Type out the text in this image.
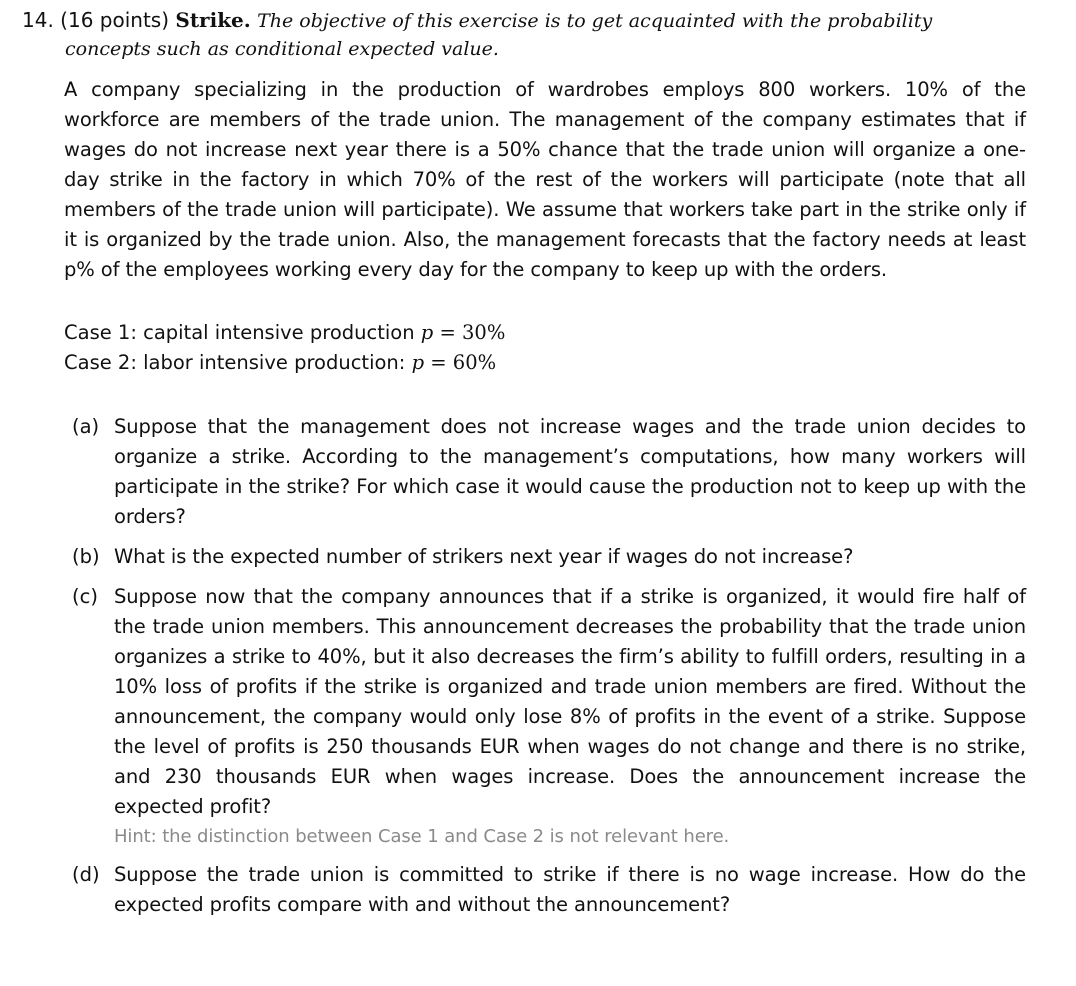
14. (16 points) Strike. The objective of this exercise is to get acquainted with the probability
concepts such as conditional expected value.
A company specializing in the production of wardrobes employs 800 workers. 10% of the workforce are members of the trade union. The management of the company estimates that if wages do not increase next year there is a 50% chance that the trade union will organize a one-day strike in the factory in which 70% of the rest of the workers will participate (note that all members of the trade union will participate). We assume that workers take part in the strike only if it is organized by the trade union. Also, the management forecasts that the factory needs at least p% of the employees working every day for the company to keep up with the orders.
Case 1: capital intensive production p = 30%
Case 2: labor intensive production: p = 60%
(a) Suppose that the management does not increase wages and the trade union decides to organize a strike. According to the management’s computations, how many workers will participate in the strike? For which case it would cause the production not to keep up with the orders?
(b) What is the expected number of strikers next year if wages do not increase?
(c) Suppose now that the company announces that if a strike is organized, it would fire half of the trade union members. This announcement decreases the probability that the trade union organizes a strike to 40%, but it also decreases the firm’s ability to fulfill orders, resulting in a 10% loss of profits if the strike is organized and trade union members are fired. Without the announcement, the company would only lose 8% of profits in the event of a strike. Suppose the level of profits is 250 thousands EUR when wages do not change and there is no strike, and 230 thousands EUR when wages increase. Does the announcement increase the expected profit?
Hint: the distinction between Case 1 and Case 2 is not relevant here.
(d) Suppose the trade union is committed to strike if there is no wage increase. How do the expected profits compare with and without the announcement?
